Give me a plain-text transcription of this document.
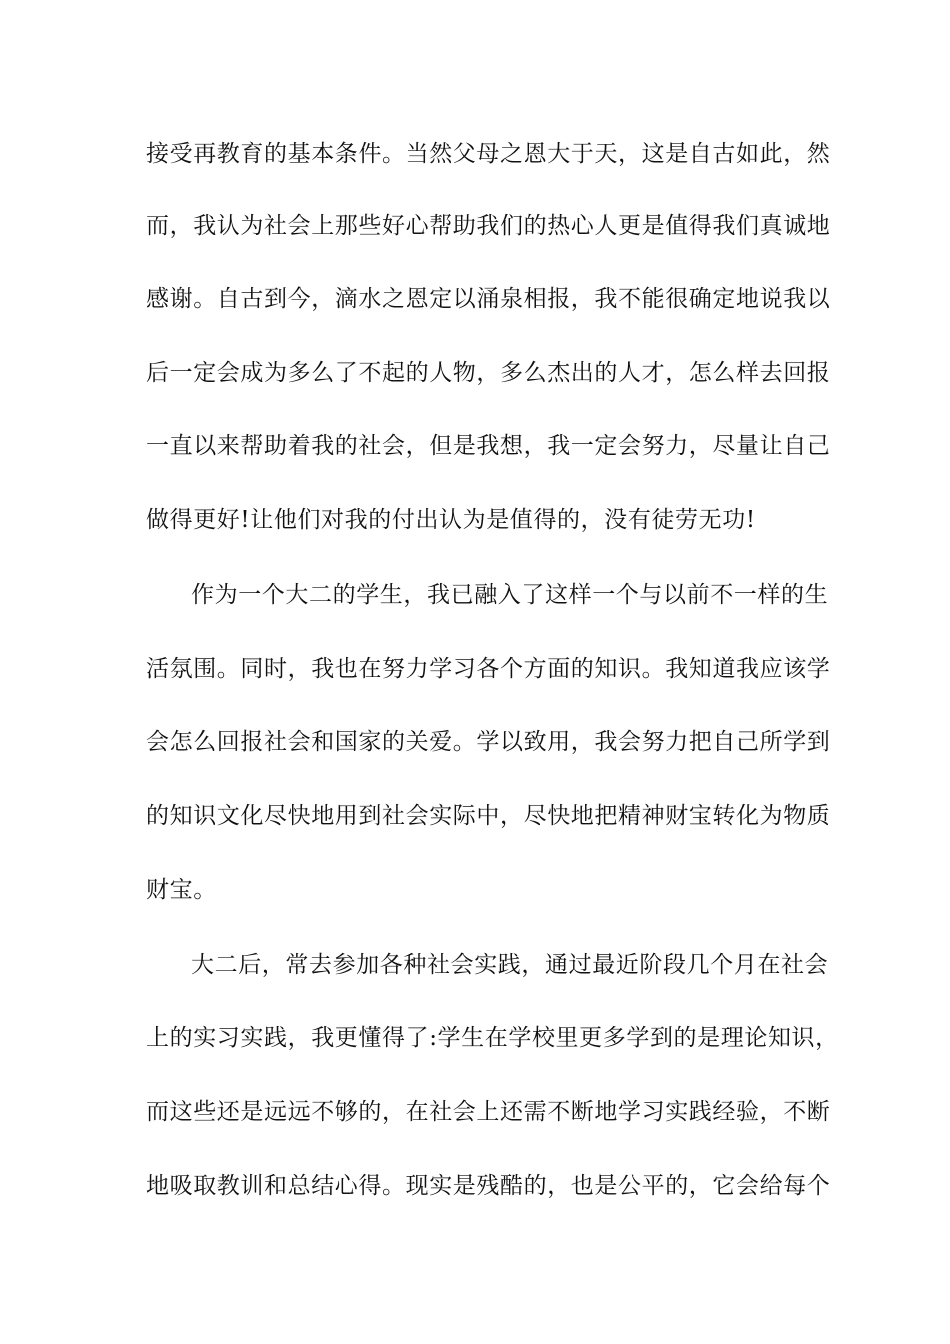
接受再教育的基本条件。当然父母之恩大于天，这是自古如此，然
而，我认为社会上那些好心帮助我们的热心人更是值得我们真诚地
感谢。自古到今，滴水之恩定以涌泉相报，我不能很确定地说我以
后一定会成为多么了不起的人物，多么杰出的人才，怎么样去回报
一直以来帮助着我的社会，但是我想，我一定会努力，尽量让自己
做得更好!让他们对我的付出认为是值得的，没有徒劳无功!
作为一个大二的学生，我已融入了这样一个与以前不一样的生
活氛围。同时，我也在努力学习各个方面的知识。我知道我应该学
会怎么回报社会和国家的关爱。学以致用，我会努力把自己所学到
的知识文化尽快地用到社会实际中，尽快地把精神财宝转化为物质
财宝。
大二后，常去参加各种社会实践，通过最近阶段几个月在社会
上的实习实践，我更懂得了:学生在学校里更多学到的是理论知识，
而这些还是远远不够的，在社会上还需不断地学习实践经验，不断
地吸取教训和总结心得。现实是残酷的，也是公平的，它会给每个
